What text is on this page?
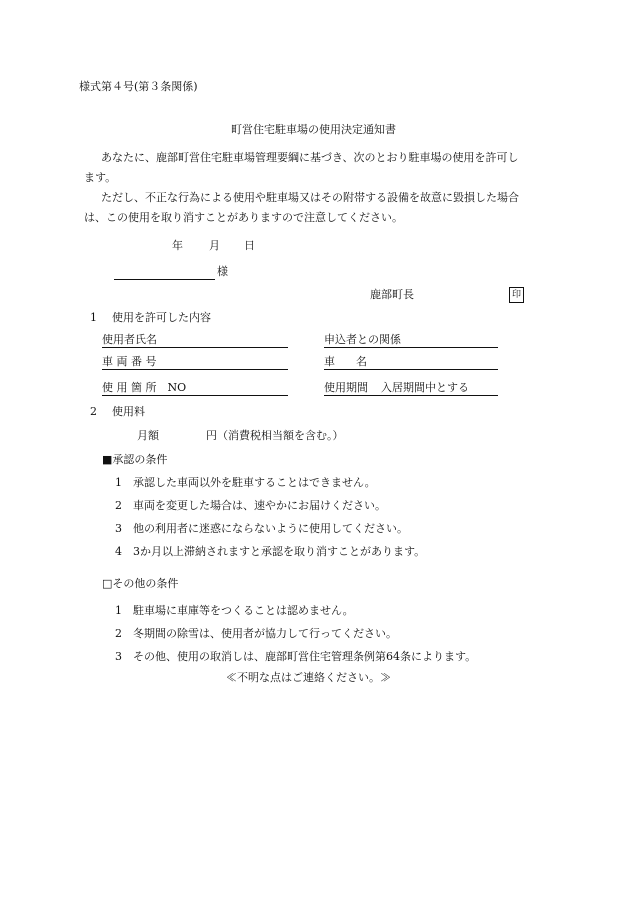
様式第４号(第３条関係)
町営住宅駐車場の使用決定通知書
あなたに、鹿部町営住宅駐車場管理要綱に基づき、次のとおり駐車場の使用を許可し
ます。
ただし、不正な行為による使用や駐車場又はその附帯する設備を故意に毀損した場合
は、この使用を取り消すことがありますので注意してください。
年 月 日
様
鹿部町長	印
1 使用を許可した内容
使用者氏名	申込者との関係
車 両 番 号	車 名
使 用 箇 所　NO	使用期間 入居期間中とする
2 使用料
月額	円（消費税相当額を含む。）
■承認の条件
1 承認した車両以外を駐車することはできません。
2 車両を変更した場合は、速やかにお届けください。
3 他の利用者に迷惑にならないように使用してください。
4 3か月以上滞納されますと承認を取り消すことがあります。
□その他の条件
1 駐車場に車庫等をつくることは認めません。
2 冬期間の除雪は、使用者が協力して行ってください。
3 その他、使用の取消しは、鹿部町営住宅管理条例第64条によります。
≪不明な点はご連絡ください。≫
